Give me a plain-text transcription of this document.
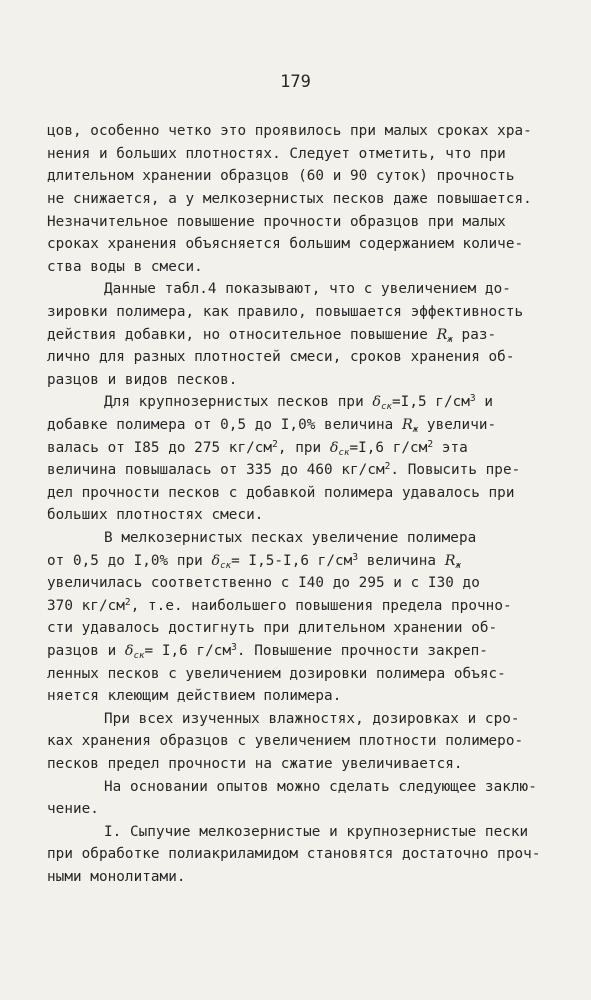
179
цов, особенно четко это проявилось при малых сроках хра-
нения и больших плотностях. Следует отметить, что при
длительном хранении образцов (60 и 90 суток) прочность
не снижается, а у мелкозернистых песков даже повышается.
Незначительное повышение прочности образцов при малых
сроках хранения объясняется большим содержанием количе-
ства воды в смеси.
Данные табл.4 показывают, что с увеличением до-
зировки полимера, как правило, повышается эффективность
действия добавки, но относительное повышение $R_ж$ раз-
лично для разных плотностей смеси, сроков хранения об-
разцов и видов песков.
Для крупнозернистых песков при $\delta_{ск}=I,5$ $г/см^3$ и
добавке полимера от 0,5 до I,0% величина $R_ж$ увеличи-
валась от I85 до 275 $кг/см^2$, при $\delta_{ск}=I,6$ $г/см^2$ эта
величина повышалась от 335 до 460 $кг/см^2$. Повысить пре-
дел прочности песков с добавкой полимера удавалось при
больших плотностях смеси.
В мелкозернистых песках увеличение полимера
от 0,5 до I,0% при $\delta_{ск}= I,5-I,6$ $г/см^3$ величина $R_ж$
увеличилась соответственно с I40 до 295 и с I30 до
370 $кг/см^2$, т.е. наибольшего повышения предела прочно-
сти удавалось достигнуть при длительном хранении об-
разцов и $\delta_{ск}= I,6$ $г/см^3$. Повышение прочности закреп-
ленных песков с увеличением дозировки полимера объяс-
няется клеющим действием полимера.
При всех изученных влажностях, дозировках и сро-
ках хранения образцов с увеличением плотности полимеро-
песков предел прочности на сжатие увеличивается.
На основании опытов можно сделать следующее заклю-
чение.
I. Сыпучие мелкозернистые и крупнозернистые пески
при обработке полиакриламидом становятся достаточно проч-
ными монолитами.
